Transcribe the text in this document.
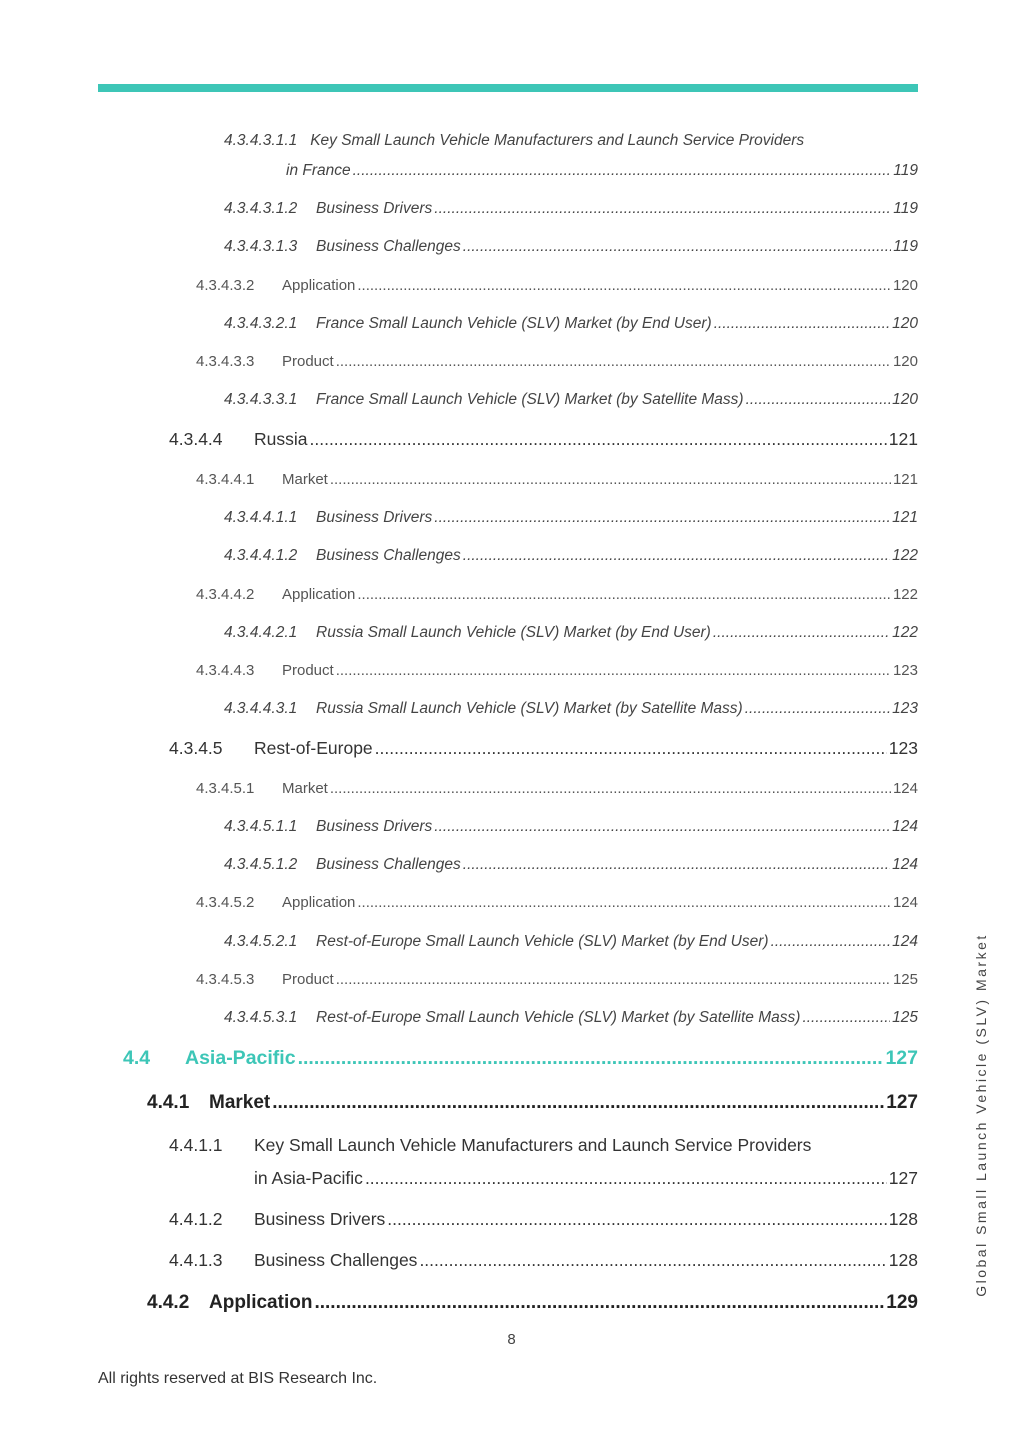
4.3.4.3.1.1 Key Small Launch Vehicle Manufacturers and Launch Service Providers
in France .....	119
4.3.4.3.1.2	Business Drivers .....	119
4.3.4.3.1.3	Business Challenges .....	119
4.3.4.3.2	Application .....	120
4.3.4.3.2.1	France Small Launch Vehicle (SLV) Market (by End User) .....	120
4.3.4.3.3	Product .....	120
4.3.4.3.3.1	France Small Launch Vehicle (SLV) Market (by Satellite Mass) .....	120
4.3.4.4	Russia .....	121
4.3.4.4.1	Market .....	121
4.3.4.4.1.1	Business Drivers .....	121
4.3.4.4.1.2	Business Challenges .....	122
4.3.4.4.2	Application .....	122
4.3.4.4.2.1	Russia Small Launch Vehicle (SLV) Market (by End User) .....	122
4.3.4.4.3	Product .....	123
4.3.4.4.3.1	Russia Small Launch Vehicle (SLV) Market (by Satellite Mass) .....	123
4.3.4.5	Rest-of-Europe .....	123
4.3.4.5.1	Market .....	124
4.3.4.5.1.1	Business Drivers .....	124
4.3.4.5.1.2	Business Challenges .....	124
4.3.4.5.2	Application .....	124
4.3.4.5.2.1	Rest-of-Europe Small Launch Vehicle (SLV) Market (by End User) .....	124
4.3.4.5.3	Product .....	125
4.3.4.5.3.1	Rest-of-Europe Small Launch Vehicle (SLV) Market (by Satellite Mass) .....	125
4.4	Asia-Pacific .....	127
4.4.1	Market .....	127
4.4.1.1 Key Small Launch Vehicle Manufacturers and Launch Service Providers
in Asia-Pacific .....	127
4.4.1.2	Business Drivers .....	128
4.4.1.3	Business Challenges .....	128
4.4.2	Application .....	129
8
All rights reserved at BIS Research Inc.
Global Small Launch Vehicle (SLV) Market
